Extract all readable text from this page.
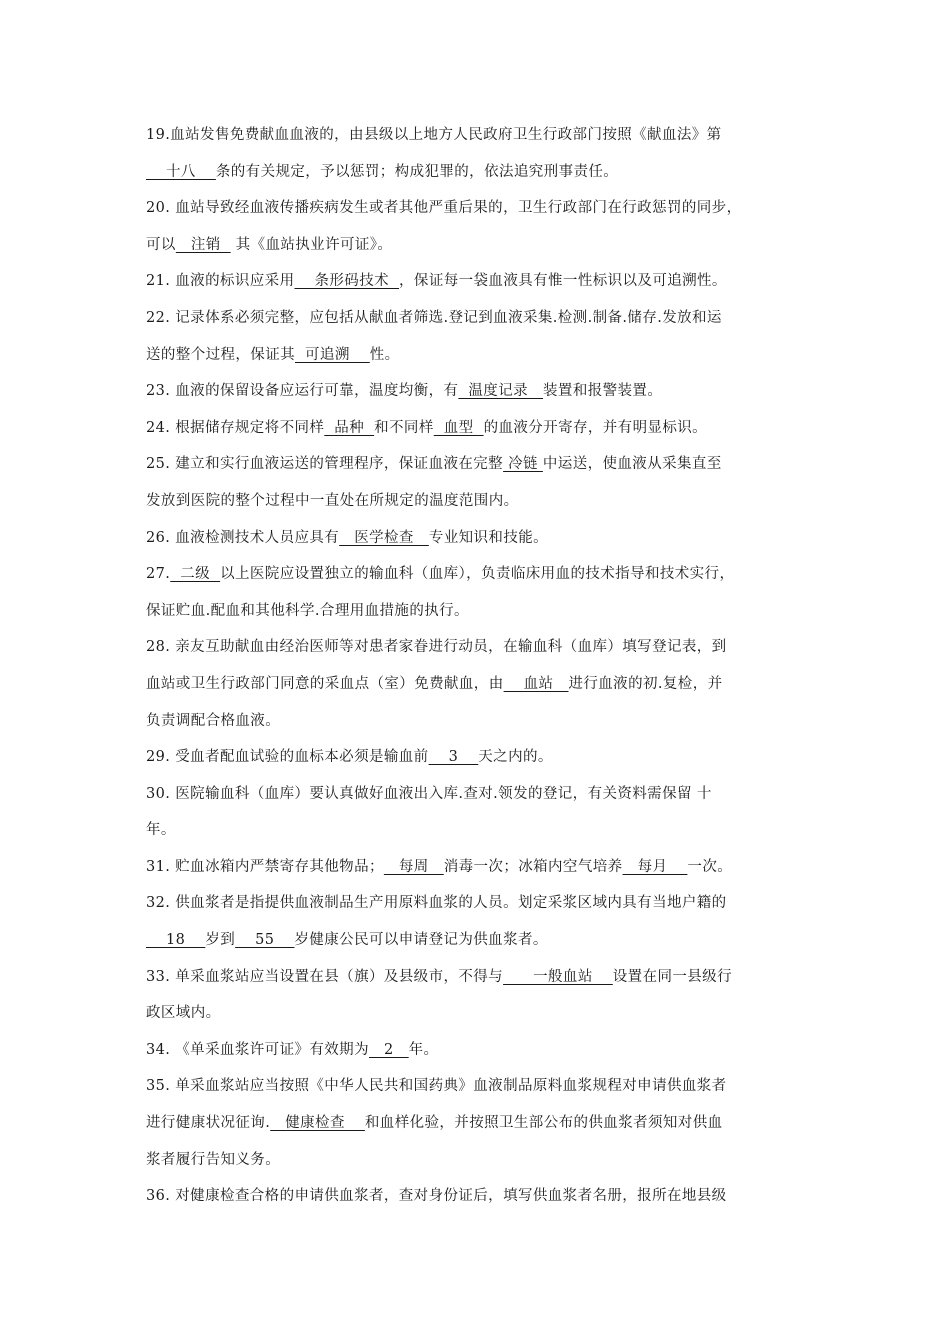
19.血站发售免费献血血液的，由县级以上地方人民政府卫生行政部门按照《献血法》第
十八    条的有关规定，予以惩罚；构成犯罪的，依法追究刑事责任。
20. 血站导致经血液传播疾病发生或者其他严重后果的，卫生行政部门在行政惩罚的同步，
可以   注销   其《血站执业许可证》。
21. 血液的标识应采用    条形码技术  ，保证每一袋血液具有惟一性标识以及可追溯性。
22. 记录体系必须完整，应包括从献血者筛选.登记到血液采集.检测.制备.储存.发放和运
送的整个过程，保证其  可追溯    性。
23. 血液的保留设备应运行可靠，温度均衡，有  温度记录   装置和报警装置。
24. 根据储存规定将不同样  品种  和不同样  血型  的血液分开寄存，并有明显标识。
25. 建立和实行血液运送的管理程序，保证血液在完整 冷链 中运送，使血液从采集直至
发放到医院的整个过程中一直处在所规定的温度范围内。
26. 血液检测技术人员应具有   医学检查   专业知识和技能。
27.  二级  以上医院应设置独立的输血科（血库），负责临床用血的技术指导和技术实行，
保证贮血.配血和其他科学.合理用血措施的执行。
28. 亲友互助献血由经治医师等对患者家眷进行动员，在输血科（血库）填写登记表，到
血站或卫生行政部门同意的采血点（室）免费献血，由    血站   进行血液的初.复检，并
负责调配合格血液。
29. 受血者配血试验的血标本必须是输血前    3    天之内的。
30. 医院输血科（血库）要认真做好血液出入库.查对.领发的登记，有关资料需保留 十
年。
31. 贮血冰箱内严禁寄存其他物品；   每周   消毒一次；冰箱内空气培养   每月    一次。
32. 供血浆者是指提供血液制品生产用原料血浆的人员。划定采浆区域内具有当地户籍的
18    岁到    55    岁健康公民可以申请登记为供血浆者。
33. 单采血浆站应当设置在县（旗）及县级市，不得与      一般血站    设置在同一县级行
政区域内。
34. 《单采血浆许可证》有效期为   2   年。
35. 单采血浆站应当按照《中华人民共和国药典》血液制品原料血浆规程对申请供血浆者
进行健康状况征询.   健康检查    和血样化验，并按照卫生部公布的供血浆者须知对供血
浆者履行告知义务。
36. 对健康检查合格的申请供血浆者，查对身份证后，填写供血浆者名册，报所在地县级
